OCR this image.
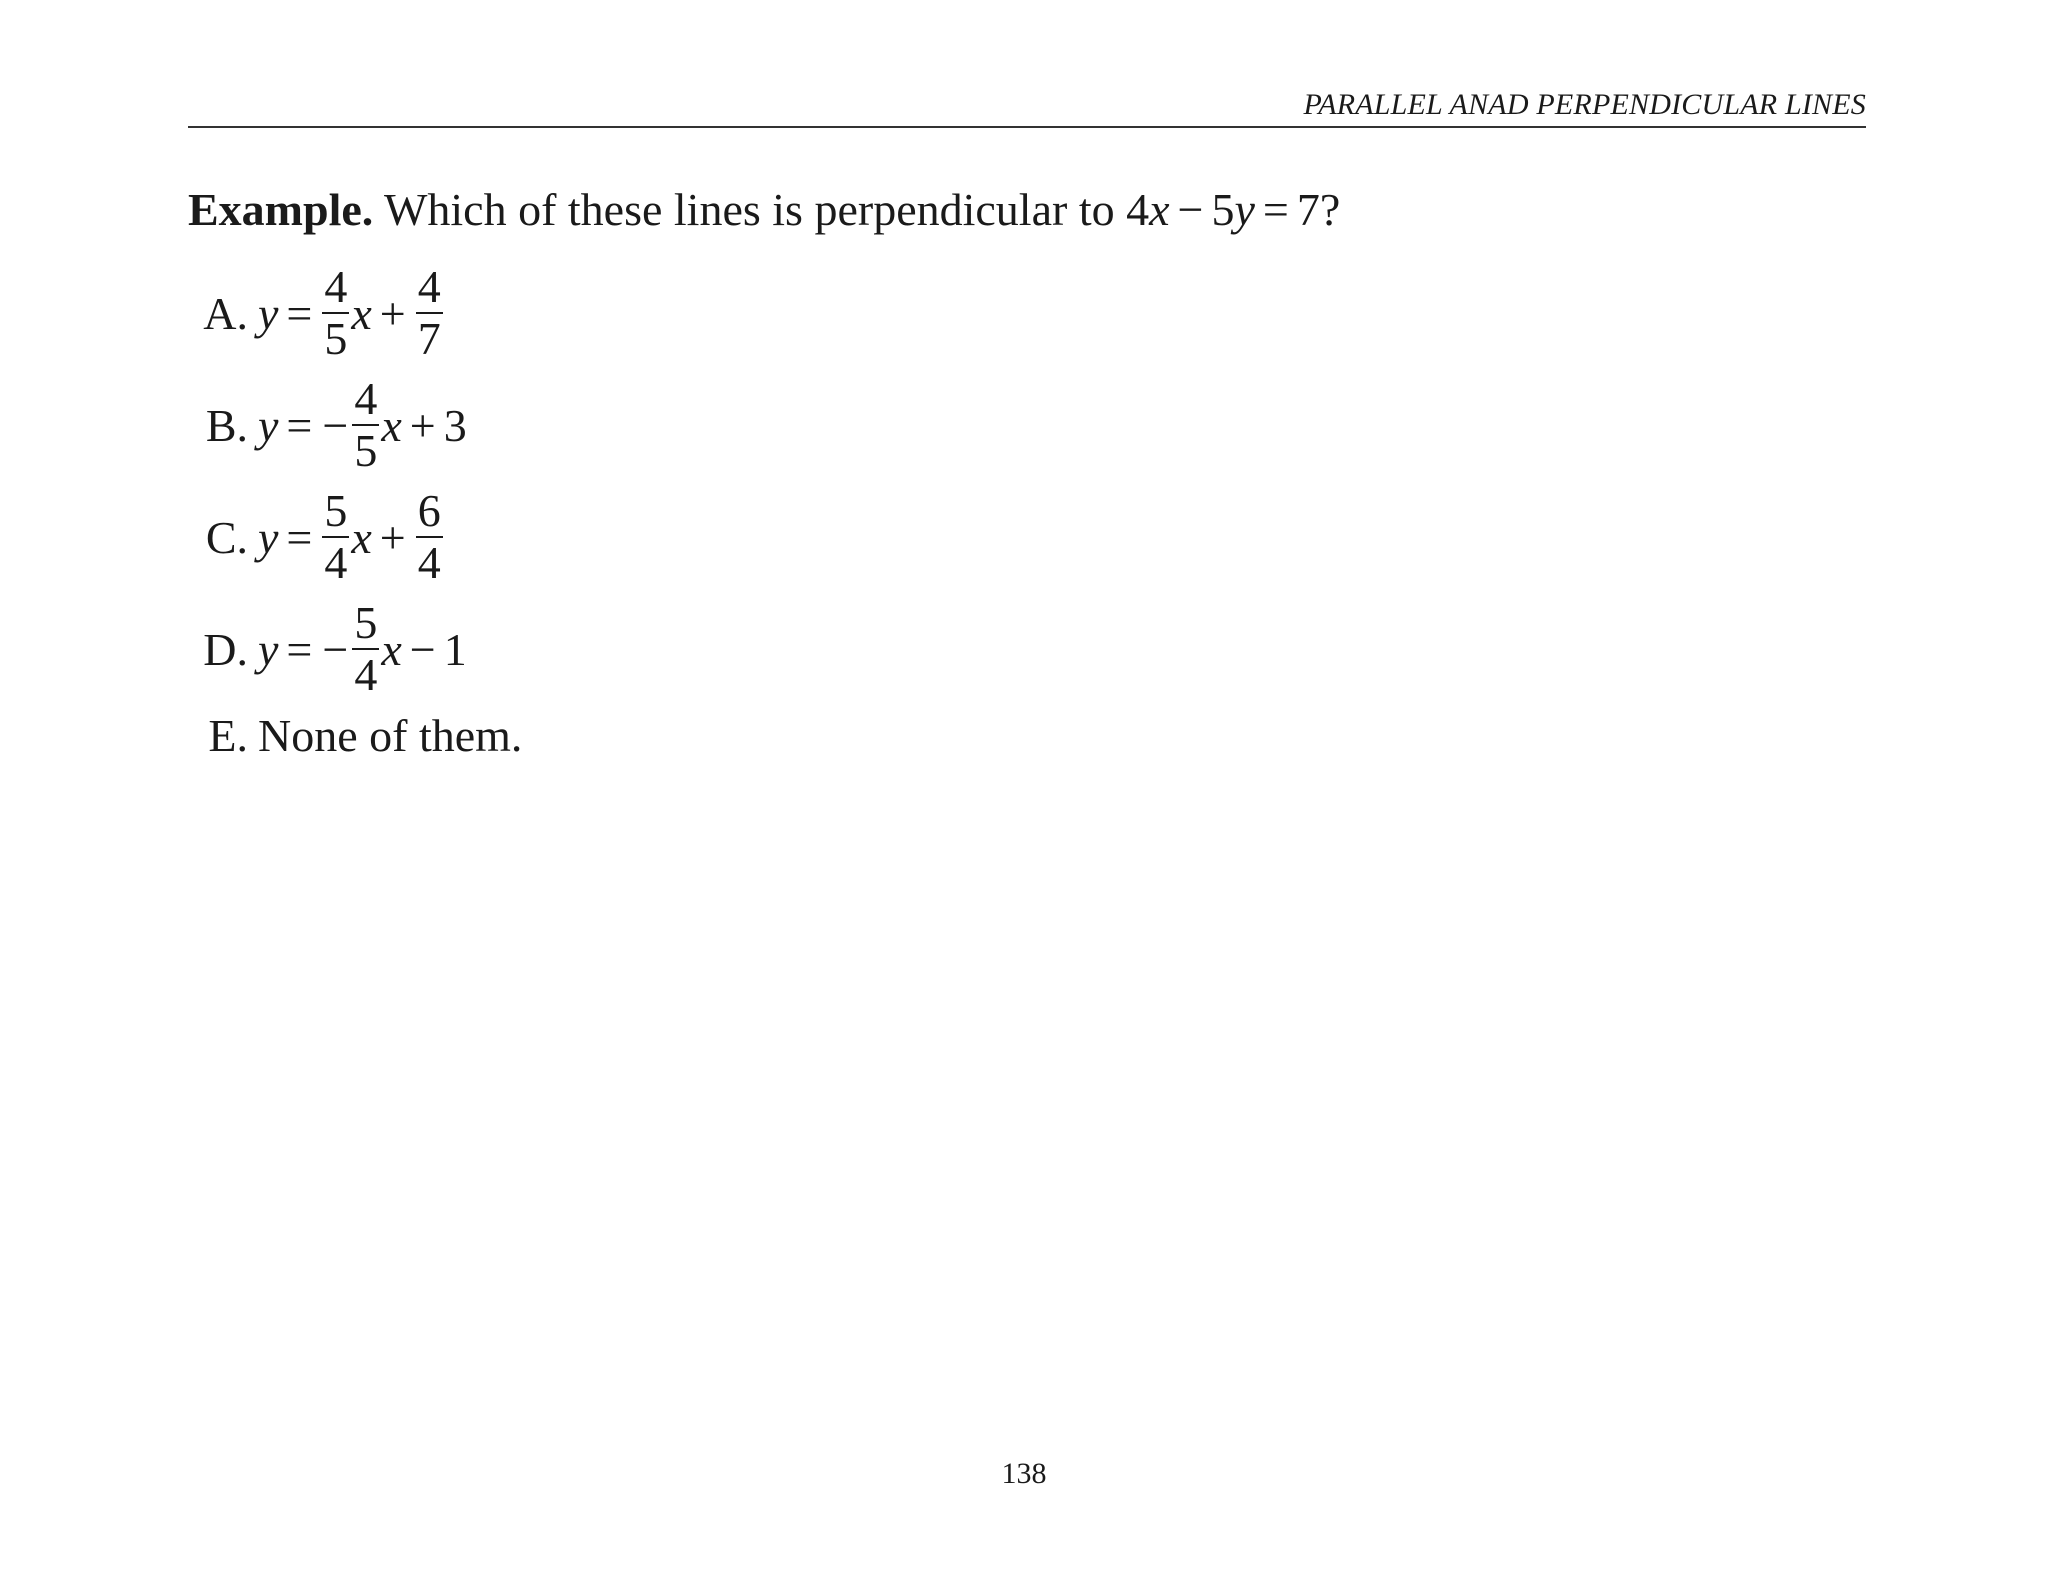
PARALLEL ANAD PERPENDICULAR LINES
Example. Which of these lines is perpendicular to 4x − 5y = 7?
A. $y = \frac{4}{5}$ $x + \frac{4}{7}$
B. y = − $\frac{4}{5}$ x + 3
C. $y = \frac{5}{4}$ $x + \frac{6}{4}$
D. y = − $\frac{5}{4}$ x − 1
E. None of them.
138
